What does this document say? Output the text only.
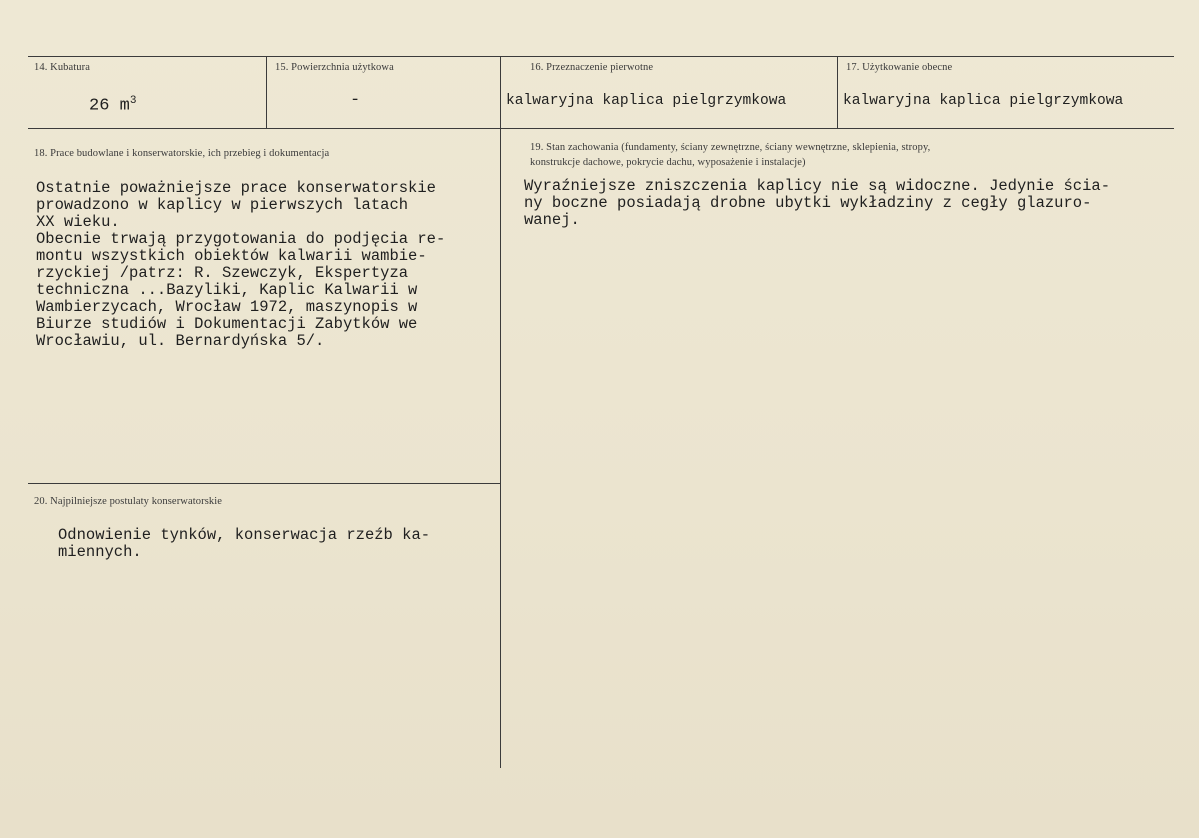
14. Kubatura
26 $m^3$
15. Powierzchnia użytkowa
-
16. Przeznaczenie pierwotne
kalwaryjna kaplica pielgrzymkowa
17. Użytkowanie obecne
kalwaryjna kaplica pielgrzymkowa
18. Prace budowlane i konserwatorskie, ich przebieg i dokumentacja
Ostatnie poważniejsze prace konserwatorskie
prowadzono w kaplicy w pierwszych latach
XX wieku.
Obecnie trwają przygotowania do podjęcia re-
montu wszystkich obiektów kalwarii wambie-
rzyckiej /patrz: R. Szewczyk, Ekspertyza
techniczna ...Bazyliki, Kaplic Kalwarii w
Wambierzycach, Wrocław 1972, maszynopis w
Biurze studiów i Dokumentacji Zabytków we
Wrocławiu, ul. Bernardyńska 5/.
19. Stan zachowania (fundamenty, ściany zewnętrzne, ściany wewnętrzne, sklepienia, stropy,
konstrukcje dachowe, pokrycie dachu, wyposażenie i instalacje)
Wyraźniejsze zniszczenia kaplicy nie są widoczne. Jedynie ścia-
ny boczne posiadają drobne ubytki wykładziny z cegły glazuro-
wanej.
20. Najpilniejsze postulaty konserwatorskie
Odnowienie tynków, konserwacja rzeźb ka-
miennych.
